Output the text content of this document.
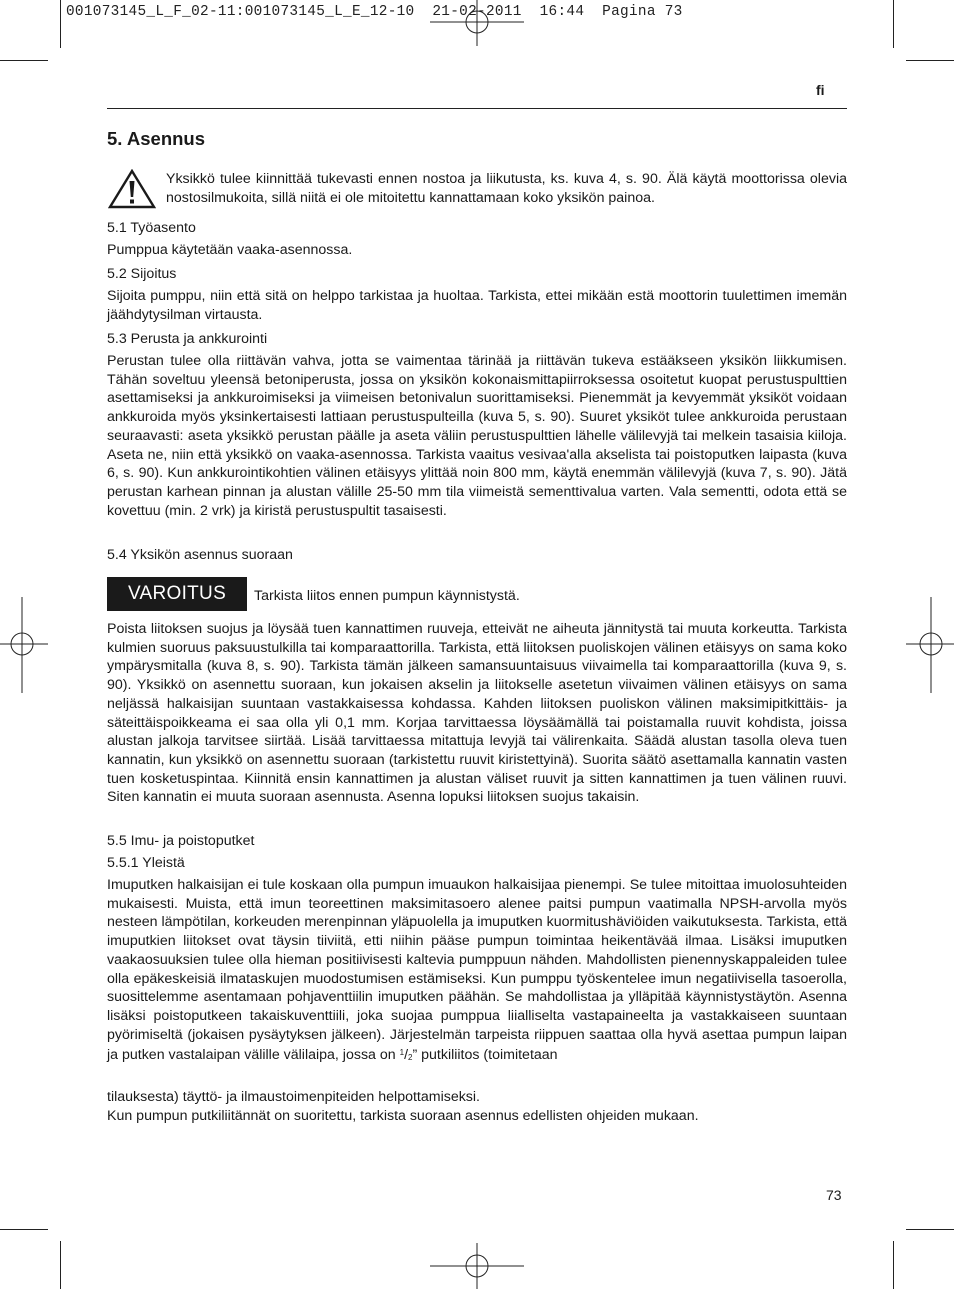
001073145_L_F_02-11:001073145_L_E_12-10  21-02-2011  16:44  Pagina 73
fi
5. Asennus
Yksikkö tulee kiinnittää tukevasti ennen nostoa ja liikutusta, ks. kuva 4, s. 90. Älä käytä moottorissa olevia nostosilmukoita, sillä niitä ei ole mitoitettu kannattamaan koko yksikön painoa.
5.1 Työasento
Pumppua käytetään vaaka-asennossa.
5.2 Sijoitus
Sijoita pumppu, niin että sitä on helppo tarkistaa ja huoltaa. Tarkista, ettei mikään estä moottorin tuulettimen imemän jäähdytysilman virtausta.
5.3 Perusta ja ankkurointi
Perustan tulee olla riittävän vahva, jotta se vaimentaa tärinää ja riittävän tukeva estääkseen yksikön liikkumisen. Tähän soveltuu yleensä betoniperusta, jossa on yksikön kokonaismittapiirroksessa osoitetut kuopat perustuspulttien asettamiseksi ja ankkuroimiseksi ja viimeisen betonivalun suorittamiseksi. Pienemmät ja kevyemmät yksiköt voidaan ankkuroida myös yksinkertaisesti lattiaan perustuspulteilla (kuva 5, s. 90). Suuret yksiköt tulee ankkuroida perustaan seuraavasti: aseta yksikkö perustan päälle ja aseta väliin perustuspulttien lähelle välilevyjä tai melkein tasaisia kiiloja. Aseta ne, niin että yksikkö on vaaka-asennossa. Tarkista vaaitus vesivaa'alla akselista tai poistoputken laipasta (kuva 6, s. 90). Kun ankkurointikohtien välinen etäisyys ylittää noin 800 mm, käytä enemmän välilevyjä (kuva 7, s. 90). Jätä perustan karhean pinnan ja alustan välille 25-50 mm tila viimeistä sementtivalua varten. Vala sementti, odota että se kovettuu (min. 2 vrk) ja kiristä perustuspultit tasaisesti.
5.4 Yksikön asennus suoraan
VAROITUS	Tarkista liitos ennen pumpun käynnistystä.
Poista liitoksen suojus ja löysää tuen kannattimen ruuveja, etteivät ne aiheuta jännitystä tai muuta korkeutta. Tarkista kulmien suoruus paksuustulkilla tai komparaattorilla. Tarkista, että liitoksen puoliskojen välinen etäisyys on sama koko ympärysmitalla (kuva 8, s. 90). Tarkista tämän jälkeen samansuuntaisuus viivaimella tai komparaattorilla (kuva 9, s. 90). Yksikkö on asennettu suoraan, kun jokaisen akselin ja liitokselle asetetun viivaimen välinen etäisyys on sama neljässä halkaisijan suuntaan vastakkaisessa kohdassa. Kahden liitoksen puoliskon välinen maksimipitkittäis- ja säteittäispoikkeama ei saa olla yli 0,1 mm. Korjaa tarvittaessa löysäämällä tai poistamalla ruuvit kohdista, joissa alustan jalkoja tarvitsee siirtää. Lisää tarvittaessa mitattuja levyjä tai välirenkaita. Säädä alustan tasolla oleva tuen kannatin, kun yksikkö on asennettu suoraan (tarkistettu ruuvit kiristettyinä). Suorita säätö asettamalla kannatin vasten tuen kosketuspintaa. Kiinnitä ensin kannattimen ja alustan väliset ruuvit ja sitten kannattimen ja tuen välinen ruuvi. Siten kannatin ei muuta suoraan asennusta. Asenna lopuksi liitoksen suojus takaisin.
5.5 Imu- ja poistoputket
5.5.1 Yleistä
Imuputken halkaisijan ei tule koskaan olla pumpun imuaukon halkaisijaa pienempi. Se tulee mitoittaa imuolosuhteiden mukaisesti. Muista, että imun teoreettinen maksimitasoero alenee paitsi pumpun vaatimalla NPSH-arvolla myös nesteen lämpötilan, korkeuden merenpinnan yläpuolella ja imuputken kuormitushäviöiden vaikutuksesta. Tarkista, että imuputkien liitokset ovat täysin tiiviitä, etti niihin pääse pumpun toimintaa heikentävää ilmaa. Lisäksi imuputken vaakaosuuksien tulee olla hieman positiivisesti kaltevia pumppuun nähden. Mahdollisten pienennyskappaleiden tulee olla epäkeskeisiä ilmataskujen muodostumisen estämiseksi. Kun pumppu työskentelee imun negatiivisella tasoerolla, suosittelemme asentamaan pohjaventtiilin imuputken päähän. Se mahdollistaa ja ylläpitää käynnistystäytön. Asenna lisäksi poistoputkeen takaiskuventtiili, joka suojaa pumppua liialliselta vastapaineelta ja vastakkaiseen suuntaan pyörimiseltä (jokaisen pysäytyksen jälkeen). Järjestelmän tarpeista riippuen saattaa olla hyvä asettaa pumpun laipan ja putken vastalaipan välille välilaipa, jossa on $^1/_2$” putkiliitos (toimitetaan
tilauksesta) täyttö- ja ilmaustoimenpiteiden helpottamiseksi.
Kun pumpun putkiliitännät on suoritettu, tarkista suoraan asennus edellisten ohjeiden mukaan.
73
